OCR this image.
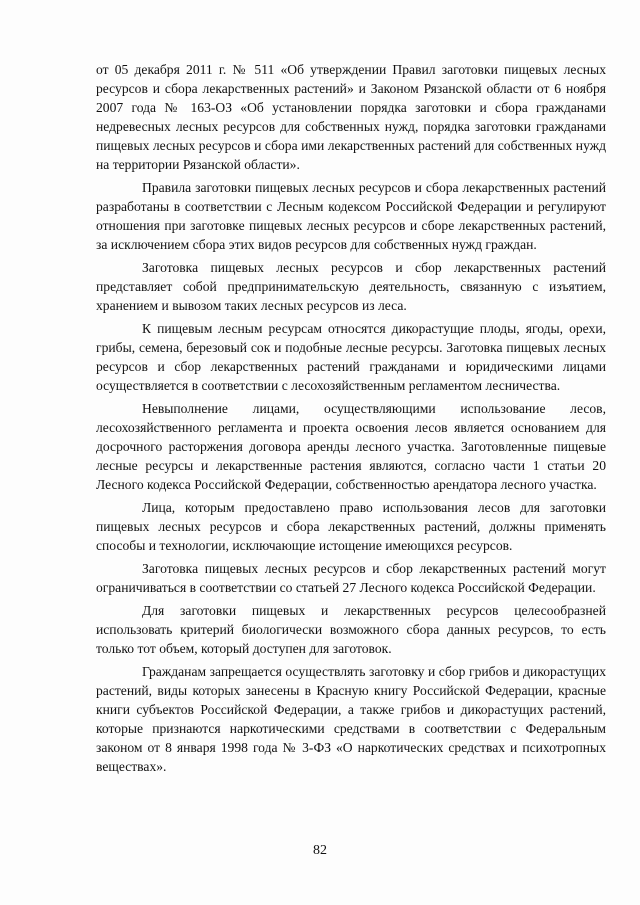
от 05 декабря 2011 г. № 511 «Об утверждении Правил заготовки пищевых лесных ресурсов и сбора лекарственных растений» и Законом Рязанской области от 6 ноября 2007 года № 163-ОЗ «Об установлении порядка заготовки и сбора гражданами недревесных лесных ресурсов для собственных нужд, порядка заготовки гражданами пищевых лесных ресурсов и сбора ими лекарственных растений для собственных нужд на территории Рязанской области».

Правила заготовки пищевых лесных ресурсов и сбора лекарственных растений разработаны в соответствии с Лесным кодексом Российской Федерации и регулируют отношения при заготовке пищевых лесных ресурсов и сборе лекарственных растений, за исключением сбора этих видов ресурсов для собственных нужд граждан.

Заготовка пищевых лесных ресурсов и сбор лекарственных растений представляет собой предпринимательскую деятельность, связанную с изъятием, хранением и вывозом таких лесных ресурсов из леса.

К пищевым лесным ресурсам относятся дикорастущие плоды, ягоды, орехи, грибы, семена, березовый сок и подобные лесные ресурсы. Заготовка пищевых лесных ресурсов и сбор лекарственных растений гражданами и юридическими лицами осуществляется в соответствии с лесохозяйственным регламентом лесничества.

Невыполнение лицами, осуществляющими использование лесов, лесохозяйственного регламента и проекта освоения лесов является основанием для досрочного расторжения договора аренды лесного участка. Заготовленные пищевые лесные ресурсы и лекарственные растения являются, согласно части 1 статьи 20 Лесного кодекса Российской Федерации, собственностью арендатора лесного участка.

Лица, которым предоставлено право использования лесов для заготовки пищевых лесных ресурсов и сбора лекарственных растений, должны применять способы и технологии, исключающие истощение имеющихся ресурсов.

Заготовка пищевых лесных ресурсов и сбор лекарственных растений могут ограничиваться в соответствии со статьей 27 Лесного кодекса Российской Федерации.

Для заготовки пищевых и лекарственных ресурсов целесообразней использовать критерий биологически возможного сбора данных ресурсов, то есть только тот объем, который доступен для заготовок.

Гражданам запрещается осуществлять заготовку и сбор грибов и дикорастущих растений, виды которых занесены в Красную книгу Российской Федерации, красные книги субъектов Российской Федерации, а также грибов и дикорастущих растений, которые признаются наркотическими средствами в соответствии с Федеральным законом от 8 января 1998 года № 3-ФЗ «О наркотических средствах и психотропных веществах».

82
